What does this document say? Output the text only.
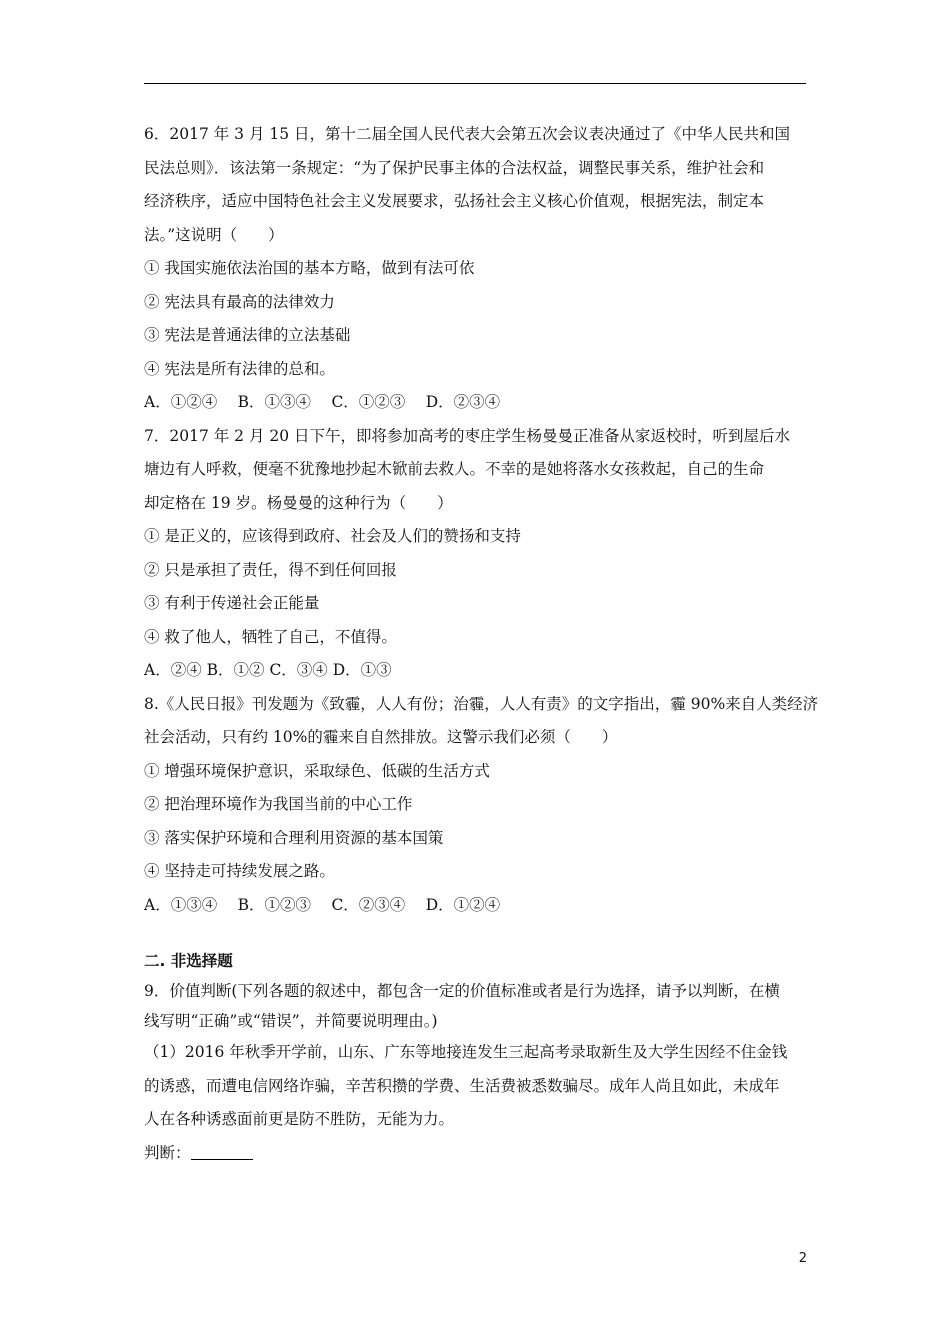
6．2017 年 3 月 15 日，第十二届全国人民代表大会第五次会议表决通过了《中华人民共和国
民法总则》．该法第一条规定：“为了保护民事主体的合法权益，调整民事关系，维护社会和
经济秩序，适应中国特色社会主义发展要求，弘扬社会主义核心价值观，根据宪法，制定本
法。”这说明（　　）
① 我国实施依法治国的基本方略，做到有法可依
② 宪法具有最高的法律效力
③ 宪法是普通法律的立法基础
④ 宪法是所有法律的总和。
A．①②④　 B．①③④　 C．①②③　 D．②③④
7．2017 年 2 月 20 日下午，即将参加高考的枣庄学生杨曼曼正准备从家返校时，听到屋后水
塘边有人呼救，便毫不犹豫地抄起木锨前去救人。不幸的是她将落水女孩救起，自己的生命
却定格在 19 岁。杨曼曼的这种行为（　　）
① 是正义的，应该得到政府、社会及人们的赞扬和支持
② 只是承担了责任，得不到任何回报
③ 有利于传递社会正能量
④ 救了他人，牺牲了自己，不值得。
A．②④ B．①② C．③④ D．①③
8.《人民日报》刊发题为《致霾，人人有份；治霾，人人有责》的文字指出，霾 90%来自人类经济
社会活动，只有约 10%的霾来自自然排放。这警示我们必须（　　）
① 增强环境保护意识，采取绿色、低碳的生活方式
② 把治理环境作为我国当前的中心工作
③ 落实保护环境和合理利用资源的基本国策
④ 坚持走可持续发展之路。
A．①③④　 B．①②③　 C．②③④　 D．①②④
二. 非选择题
9．价值判断(下列各题的叙述中，都包含一定的价值标准或者是行为选择，请予以判断，在横
线写明“正确”或“错误”，并简要说明理由。)
（1）2016 年秋季开学前，山东、广东等地接连发生三起高考录取新生及大学生因经不住金钱
的诱惑，而遭电信网络诈骗，辛苦积攒的学费、生活费被悉数骗尽。成年人尚且如此，未成年
人在各种诱惑面前更是防不胜防，无能为力。
判断：
2
